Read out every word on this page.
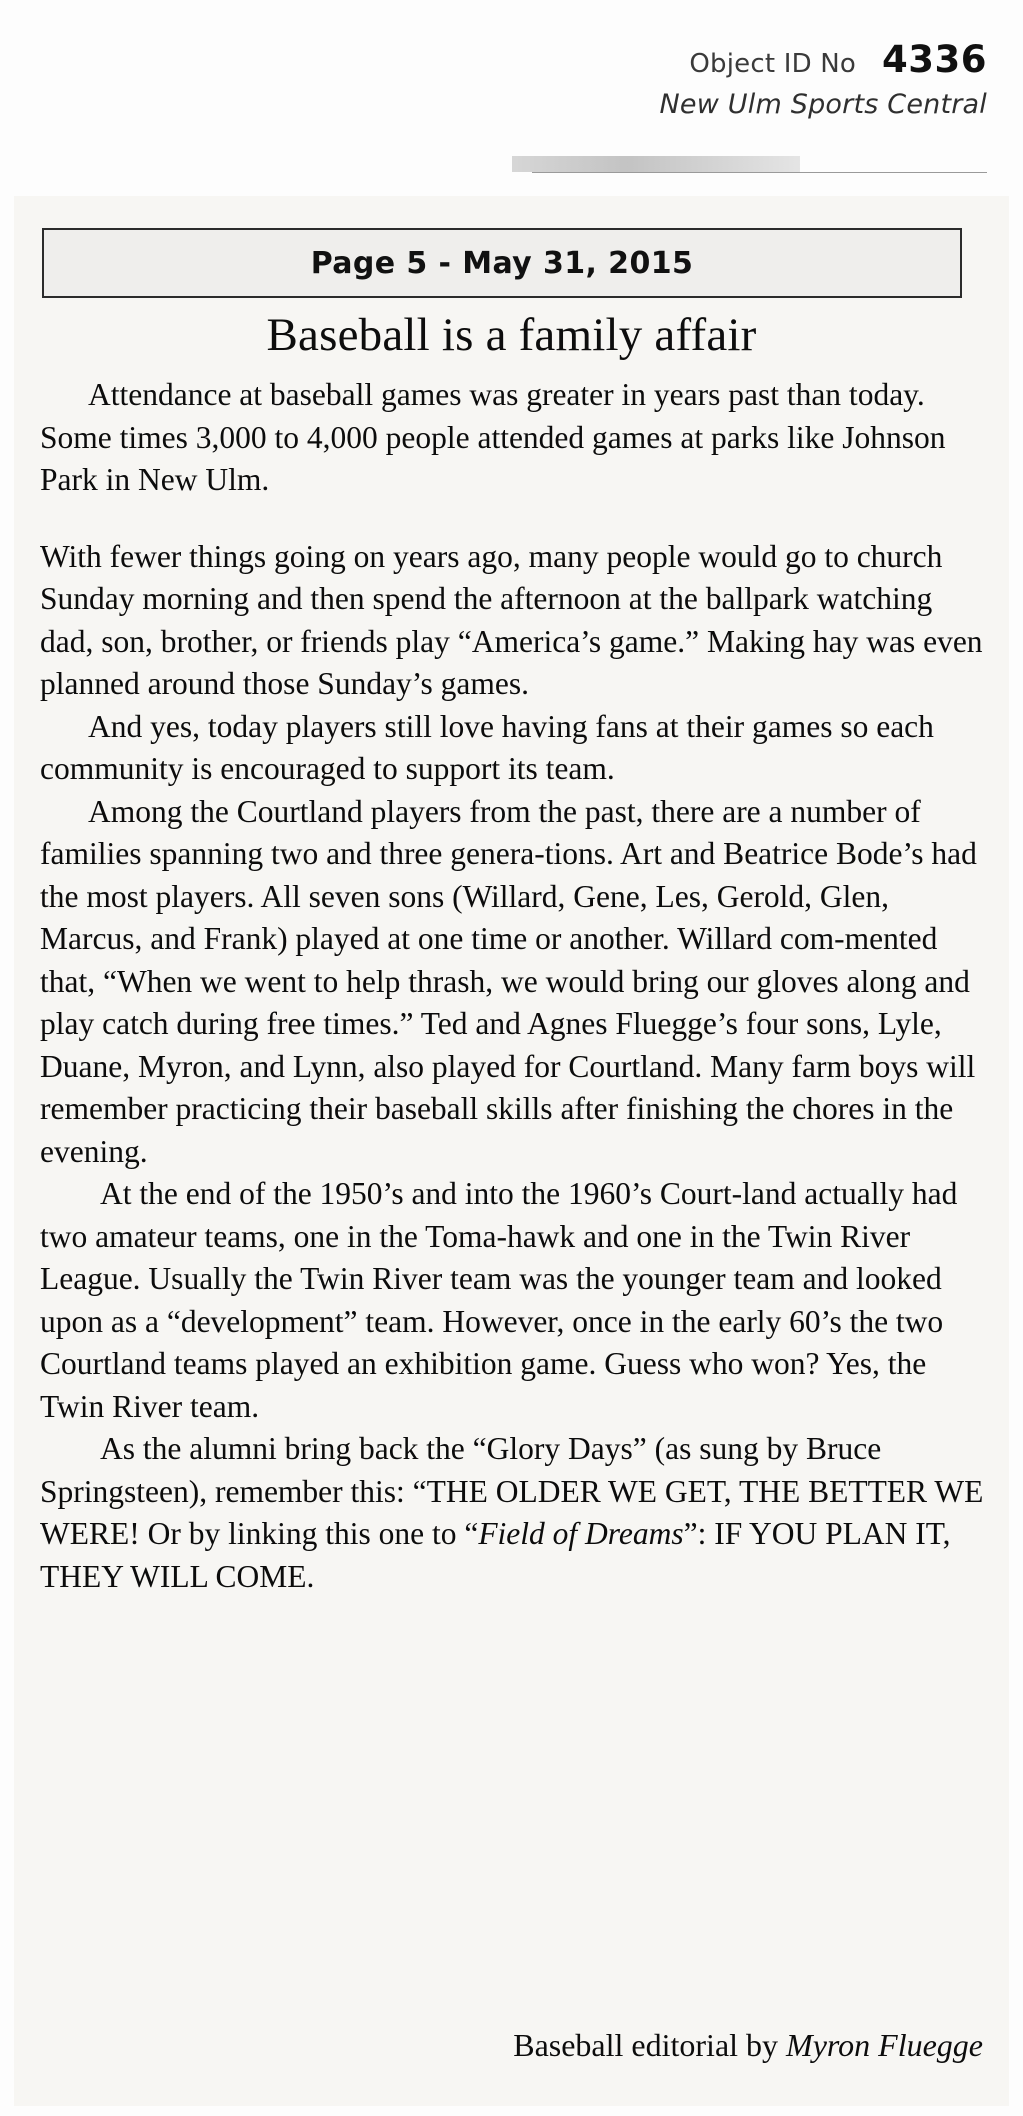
Object ID No 4336
New Ulm Sports Central
Page 5 - May 31, 2015
Baseball is a family affair

Attendance at baseball games was greater in years past than today. Some times 3,000 to 4,000 people attended games at parks like Johnson Park in New Ulm.

With fewer things going on years ago, many people would go to church Sunday morning and then spend the afternoon at the ballpark watching dad, son, brother, or friends play “America’s game.” Making hay was even planned around those Sunday’s games.

And yes, today players still love having fans at their games so each community is encouraged to support its team.

Among the Courtland players from the past, there are a number of families spanning two and three genera-tions. Art and Beatrice Bode’s had the most players. All seven sons (Willard, Gene, Les, Gerold, Glen, Marcus, and Frank) played at one time or another. Willard com-mented that, “When we went to help thrash, we would bring our gloves along and play catch during free times.” Ted and Agnes Fluegge’s four sons, Lyle, Duane, Myron, and Lynn, also played for Courtland. Many farm boys will remember practicing their baseball skills after finishing the chores in the evening.

At the end of the 1950’s and into the 1960’s Court-land actually had two amateur teams, one in the Toma-hawk and one in the Twin River League. Usually the Twin River team was the younger team and looked upon as a “development” team. However, once in the early 60’s the two Courtland teams played an exhibition game. Guess who won? Yes, the Twin River team.

As the alumni bring back the “Glory Days” (as sung by Bruce Springsteen), remember this: “THE OLDER WE GET, THE BETTER WE WERE! Or by linking this one to “Field of Dreams”: IF YOU PLAN IT, THEY WILL COME.

Baseball editorial by Myron Fluegge
